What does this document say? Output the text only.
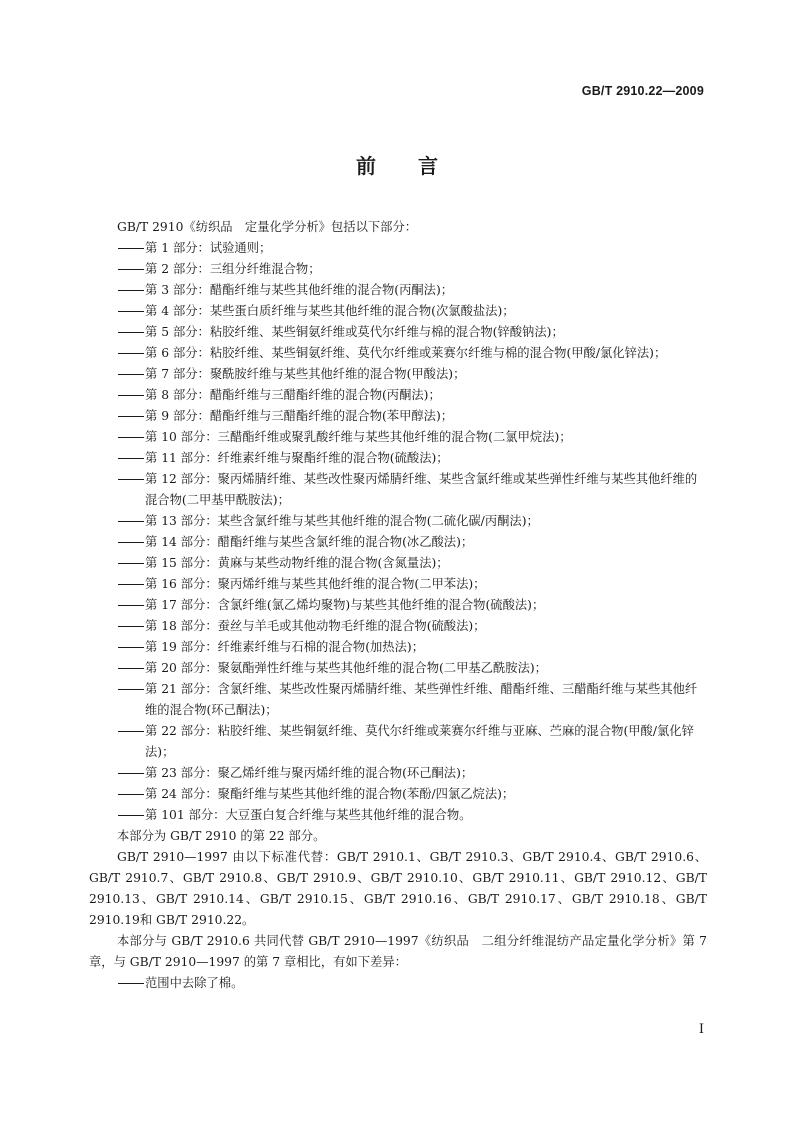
GB/T 2910.22—2009
前言

GB/T 2910《纺织品　定量化学分析》包括以下部分：

第 1 部分：试验通则；

第 2 部分：三组分纤维混合物；

第 3 部分：醋酯纤维与某些其他纤维的混合物(丙酮法)；

第 4 部分：某些蛋白质纤维与某些其他纤维的混合物(次氯酸盐法)；

第 5 部分：粘胶纤维、某些铜氨纤维或莫代尔纤维与棉的混合物(锌酸钠法)；

第 6 部分：粘胶纤维、某些铜氨纤维、莫代尔纤维或莱赛尔纤维与棉的混合物(甲酸/氯化锌法)；

第 7 部分：聚酰胺纤维与某些其他纤维的混合物(甲酸法)；

第 8 部分：醋酯纤维与三醋酯纤维的混合物(丙酮法)；

第 9 部分：醋酯纤维与三醋酯纤维的混合物(苯甲醇法)；

第 10 部分：三醋酯纤维或聚乳酸纤维与某些其他纤维的混合物(二氯甲烷法)；

第 11 部分：纤维素纤维与聚酯纤维的混合物(硫酸法)；

第 12 部分：聚丙烯腈纤维、某些改性聚丙烯腈纤维、某些含氯纤维或某些弹性纤维与某些其他纤维的混合物(二甲基甲酰胺法)；

第 13 部分：某些含氯纤维与某些其他纤维的混合物(二硫化碳/丙酮法)；

第 14 部分：醋酯纤维与某些含氯纤维的混合物(冰乙酸法)；

第 15 部分：黄麻与某些动物纤维的混合物(含氮量法)；

第 16 部分：聚丙烯纤维与某些其他纤维的混合物(二甲苯法)；

第 17 部分：含氯纤维(氯乙烯均聚物)与某些其他纤维的混合物(硫酸法)；

第 18 部分：蚕丝与羊毛或其他动物毛纤维的混合物(硫酸法)；

第 19 部分：纤维素纤维与石棉的混合物(加热法)；

第 20 部分：聚氨酯弹性纤维与某些其他纤维的混合物(二甲基乙酰胺法)；

第 21 部分：含氯纤维、某些改性聚丙烯腈纤维、某些弹性纤维、醋酯纤维、三醋酯纤维与某些其他纤维的混合物(环己酮法)；

第 22 部分：粘胶纤维、某些铜氨纤维、莫代尔纤维或莱赛尔纤维与亚麻、苎麻的混合物(甲酸/氯化锌法)；

第 23 部分：聚乙烯纤维与聚丙烯纤维的混合物(环己酮法)；

第 24 部分：聚酯纤维与某些其他纤维的混合物(苯酚/四氯乙烷法)；

第 101 部分：大豆蛋白复合纤维与某些其他纤维的混合物。

本部分为 GB/T 2910 的第 22 部分。

GB/T 2910—1997 由以下标准代替：GB/T 2910.1、GB/T 2910.3、GB/T 2910.4、GB/T 2910.6、GB/T 2910.7、GB/T 2910.8、GB/T 2910.9、GB/T 2910.10、GB/T 2910.11、GB/T 2910.12、GB/T 2910.13、GB/T 2910.14、GB/T 2910.15、GB/T 2910.16、GB/T 2910.17、GB/T 2910.18、GB/T 2910.19和 GB/T 2910.22。

本部分与 GB/T 2910.6 共同代替 GB/T 2910—1997《纺织品　二组分纤维混纺产品定量化学分析》第 7 章，与 GB/T 2910—1997 的第 7 章相比，有如下差异：

范围中去除了棉。

I
